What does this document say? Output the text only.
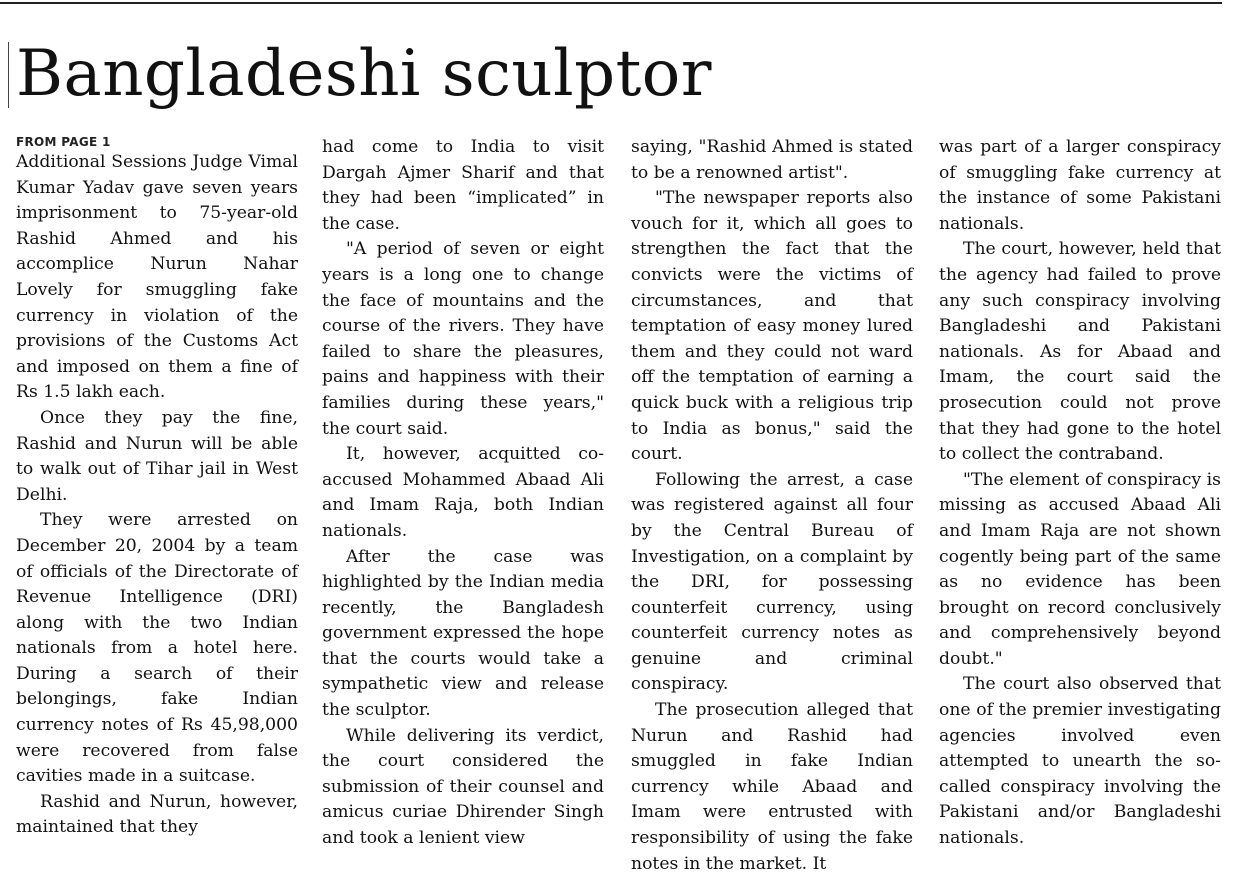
Bangladeshi sculptor
FROM PAGE 1

Additional Sessions Judge Vimal Kumar Yadav gave seven years imprisonment to 75-year-old Rashid Ahmed and his accomplice Nurun Nahar Lovely for smuggling fake currency in violation of the provisions of the Customs Act and imposed on them a fine of Rs 1.5 lakh each.

Once they pay the fine, Rashid and Nurun will be able to walk out of Tihar jail in West Delhi.

They were arrested on December 20, 2004 by a team of officials of the Directorate of Revenue Intelligence (DRI) along with the two Indian nationals from a hotel here. During a search of their belongings, fake Indian currency notes of Rs 45,98,000 were recovered from false cavities made in a suitcase.

Rashid and Nurun, however, maintained that they

had come to India to visit Dargah Ajmer Sharif and that they had been “implicated” in the case.

"A period of seven or eight years is a long one to change the face of mountains and the course of the rivers. They have failed to share the pleasures, pains and happiness with their families during these years," the court said.

It, however, acquitted co-accused Mohammed Abaad Ali and Imam Raja, both Indian nationals.

After the case was highlighted by the Indian media recently, the Bangladesh government expressed the hope that the courts would take a sympathetic view and release the sculptor.

While delivering its verdict, the court considered the submission of their counsel and amicus curiae Dhirender Singh and took a lenient view

saying, "Rashid Ahmed is stated to be a renowned artist".

"The newspaper reports also vouch for it, which all goes to strengthen the fact that the convicts were the victims of circumstances, and that temptation of easy money lured them and they could not ward off the temptation of earning a quick buck with a religious trip to India as bonus," said the court.

Following the arrest, a case was registered against all four by the Central Bureau of Investigation, on a complaint by the DRI, for possessing counterfeit currency, using counterfeit currency notes as genuine and criminal conspiracy.

The prosecution alleged that Nurun and Rashid had smuggled in fake Indian currency while Abaad and Imam were entrusted with responsibility of using the fake notes in the market. It

was part of a larger conspiracy of smuggling fake currency at the instance of some Pakistani nationals.

The court, however, held that the agency had failed to prove any such conspiracy involving Bangladeshi and Pakistani nationals. As for Abaad and Imam, the court said the prosecution could not prove that they had gone to the hotel to collect the contraband.

"The element of conspiracy is missing as accused Abaad Ali and Imam Raja are not shown cogently being part of the same as no evidence has been brought on record conclusively and comprehensively beyond doubt."

The court also observed that one of the premier investigating agencies involved even attempted to unearth the so-called conspiracy involving the Pakistani and/or Bangladeshi nationals.
